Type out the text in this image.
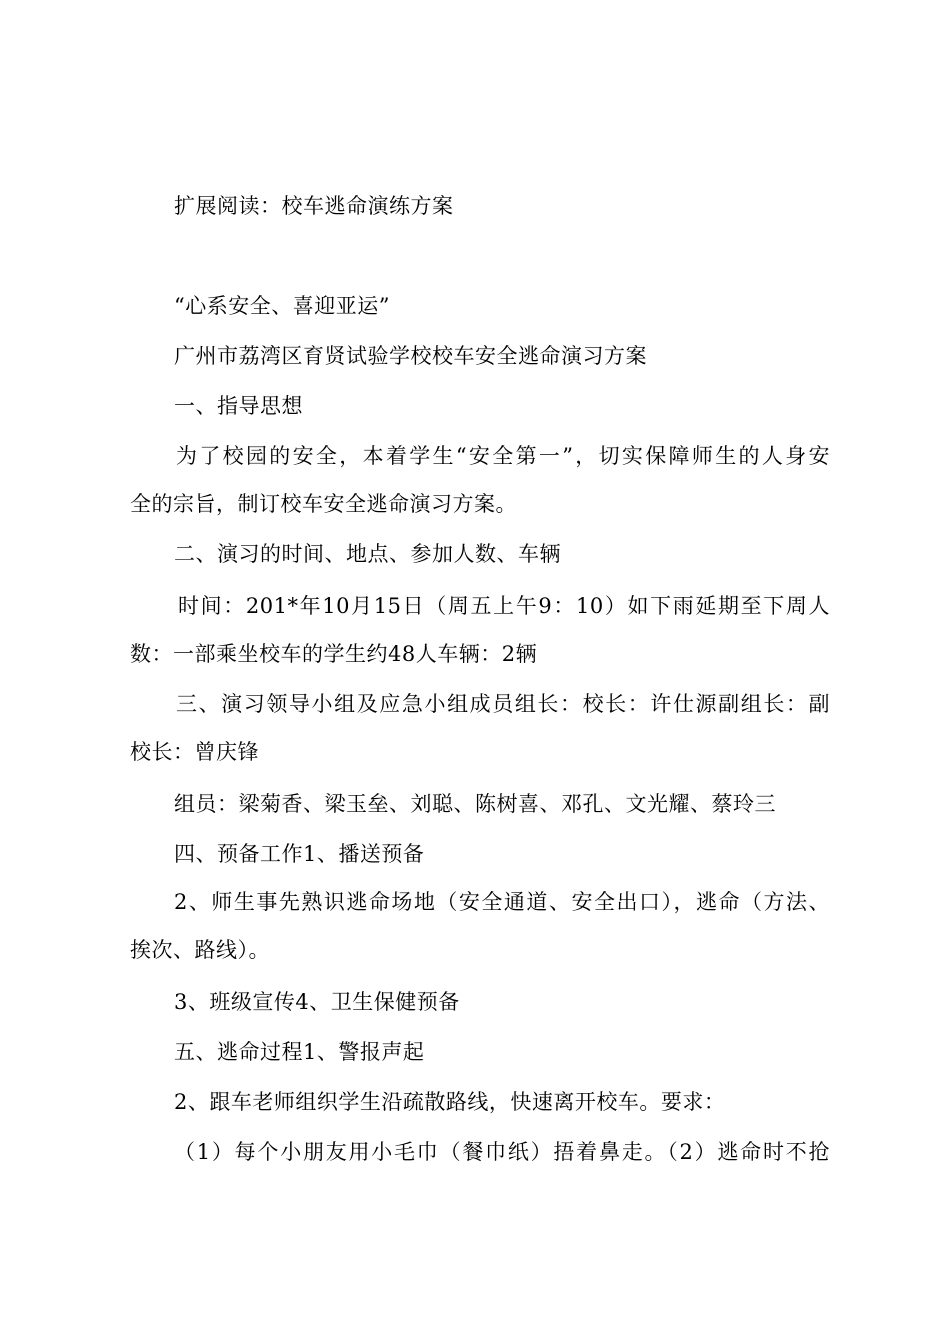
扩展阅读：校车逃命演练方案
“心系安全、喜迎亚运”
广州市荔湾区育贤试验学校校车安全逃命演习方案
一、指导思想
为了校园的安全，本着学生“安全第一”，切实保障师生的人身安
全的宗旨，制订校车安全逃命演习方案。
二、演习的时间、地点、参加人数、车辆
时间：201*年10月15日（周五上午9：10）如下雨延期至下周人
数：一部乘坐校车的学生约48人车辆：2辆
三、演习领导小组及应急小组成员组长：校长：许仕源副组长：副
校长：曾庆锋
组员：梁菊香、梁玉垒、刘聪、陈树喜、邓孔、文光耀、蔡玲三
四、预备工作1、播送预备
2、师生事先熟识逃命场地（安全通道、安全出口），逃命（方法、
挨次、路线）。
3、班级宣传4、卫生保健预备
五、逃命过程1、警报声起
2、跟车老师组织学生沿疏散路线，快速离开校车。要求：
（1）每个小朋友用小毛巾（餐巾纸）捂着鼻走。（2）逃命时不抢
